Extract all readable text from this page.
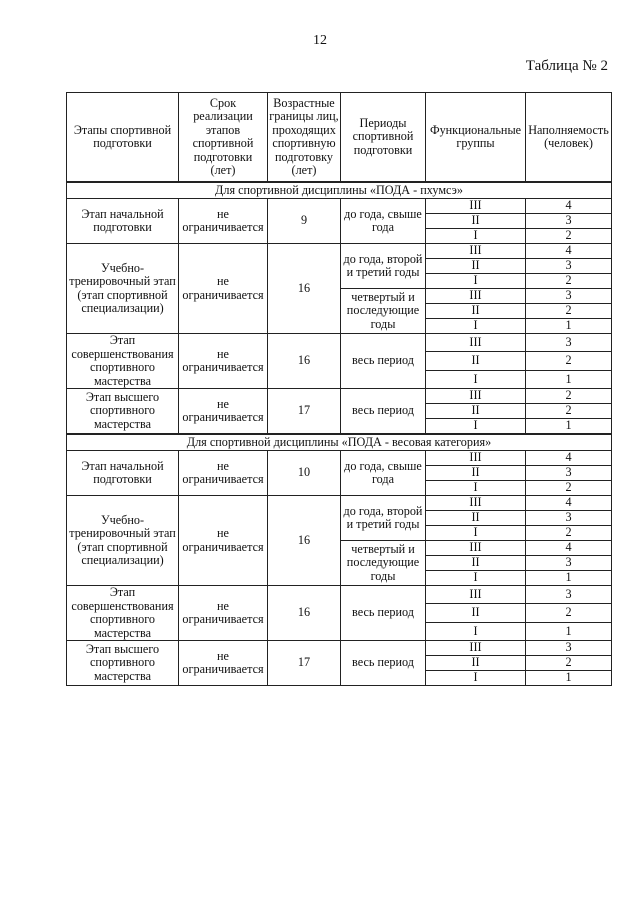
12
Таблица № 2
Этапы спортивной подготовки	Срок реализации этапов спортивной подготовки (лет)	Возрастные границы лиц, проходящих спортивную подготовку (лет)	Периоды спортивной подготовки	Функциональные группы	Наполняемость (человек)
Для спортивной дисциплины «ПОДА - пхумсэ»					
Этап начальной подготовки	не ограничивается	9	до года, свыше года	III	4
				II	3
				I	2
Учебно-тренировочный этап (этап спортивной специализации)	не ограничивается	16	до года, второй и третий годы	III	4
				II	3
				I	2
			четвертый и последующие годы	III	3
				II	2
				I	1
Этап совершенствования спортивного мастерства	не ограничивается	16	весь период	III	3
				II	2
				I	1
Этап высшего спортивного мастерства	не ограничивается	17	весь период	III	2
				II	2
				I	1
Для спортивной дисциплины «ПОДА - весовая категория»					
Этап начальной подготовки	не ограничивается	10	до года, свыше года	III	4
				II	3
				I	2
Учебно-тренировочный этап (этап спортивной специализации)	не ограничивается	16	до года, второй и третий годы	III	4
				II	3
				I	2
			четвертый и последующие годы	III	4
				II	3
				I	1
Этап совершенствования спортивного мастерства	не ограничивается	16	весь период	III	3
				II	2
				I	1
Этап высшего спортивного мастерства	не ограничивается	17	весь период	III	3
				II	2
				I	1
